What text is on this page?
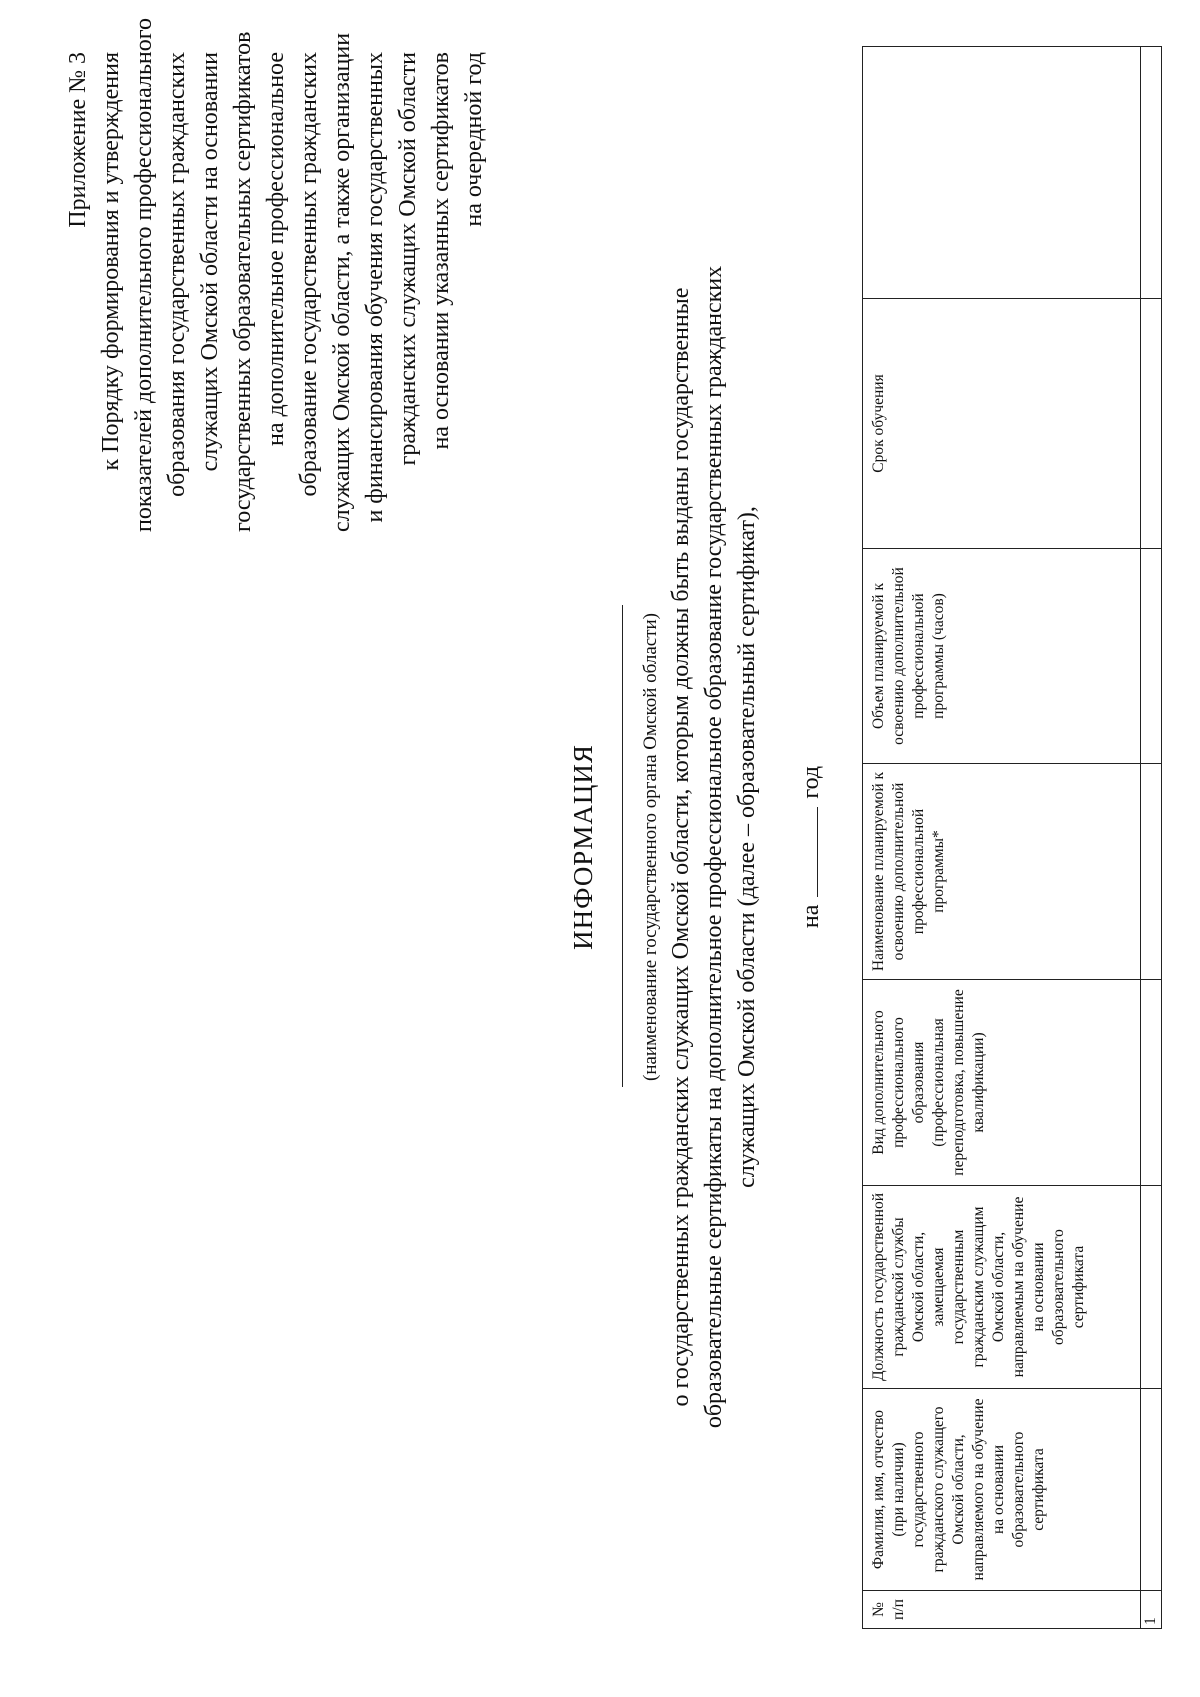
Приложение № 3 к Порядку формирования и утверждения показателей дополнительного профессионального образования государственных гражданских служащих Омской области на основании государственных образовательных сертификатов на дополнительное профессиональное образование государственных гражданских служащих Омской области, а также организации и финансирования обучения государственных гражданских служащих Омской области на основании указанных сертификатов на очередной год
ИНФОРМАЦИЯ (наименование государственного органа Омской области) о государственных гражданских служащих Омской области, которым должны быть выданы государственные образовательные сертификаты на дополнительное профессиональное образование государственных гражданских служащих Омской области (далее – образовательный сертификат), нагод
№ п/п	Фамилия, имя, отчество (при наличии) государственного гражданского служащего Омской области, направляемого на обучение на основании образовательного сертификата	Должность государственной гражданской службы Омской области, замещаемая государственным гражданским служащим Омской области, направляемым на обучение на основании образовательного сертификата	Вид дополнительного профессионального образования (профессиональная переподготовка, повышение квалификации)	Наименование планируемой к освоению дополнительной профессиональной программы*	Объем планируемой к освоению дополнительной профессиональной программы (часов)	Срок обучения	
1							
